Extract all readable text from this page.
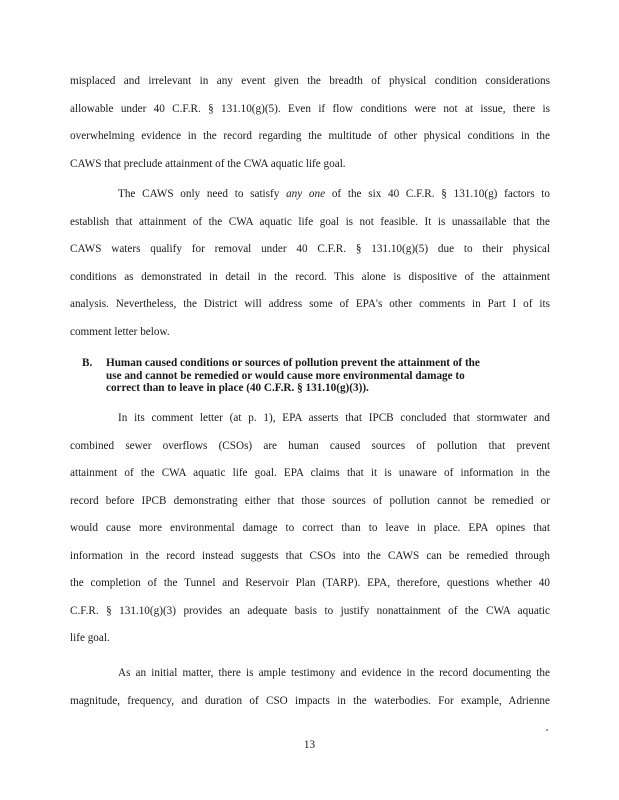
misplaced and irrelevant in any event given the breadth of physical condition considerations
allowable under 40 C.F.R. § 131.10(g)(5). Even if flow conditions were not at issue, there is
overwhelming evidence in the record regarding the multitude of other physical conditions in the
CAWS that preclude attainment of the CWA aquatic life goal.
The CAWS only need to satisfy any one of the six 40 C.F.R. § 131.10(g) factors to
establish that attainment of the CWA aquatic life goal is not feasible. It is unassailable that the
CAWS waters qualify for removal under 40 C.F.R. § 131.10(g)(5) due to their physical
conditions as demonstrated in detail in the record. This alone is dispositive of the attainment
analysis. Nevertheless, the District will address some of EPA's other comments in Part I of its
comment letter below.
B. Human caused conditions or sources of pollution prevent the attainment of the
use and cannot be remedied or would cause more environmental damage to
correct than to leave in place (40 C.F.R. § 131.10(g)(3)).
In its comment letter (at p. 1), EPA asserts that IPCB concluded that stormwater and
combined sewer overflows (CSOs) are human caused sources of pollution that prevent
attainment of the CWA aquatic life goal. EPA claims that it is unaware of information in the
record before IPCB demonstrating either that those sources of pollution cannot be remedied or
would cause more environmental damage to correct than to leave in place. EPA opines that
information in the record instead suggests that CSOs into the CAWS can be remedied through
the completion of the Tunnel and Reservoir Plan (TARP). EPA, therefore, questions whether 40
C.F.R. § 131.10(g)(3) provides an adequate basis to justify nonattainment of the CWA aquatic
life goal.
As an initial matter, there is ample testimony and evidence in the record documenting the
magnitude, frequency, and duration of CSO impacts in the waterbodies. For example, Adrienne
13
